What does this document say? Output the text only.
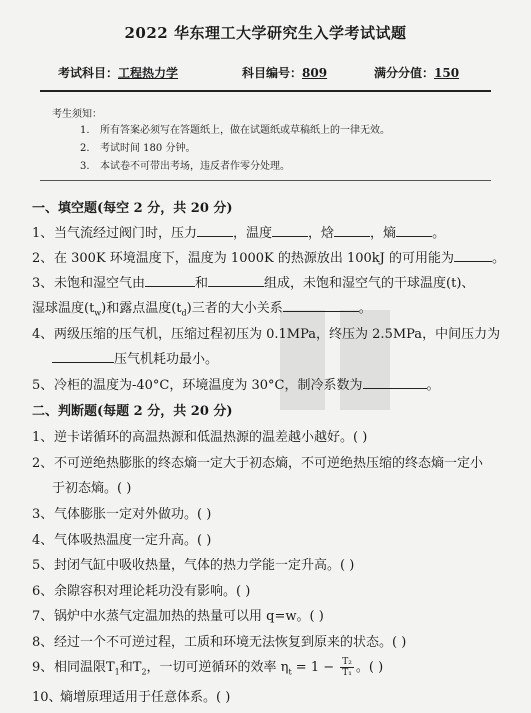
2022 华东理工大学研究生入学考试试题
考试科目：工程热力学	科目编号：809	满分分值：150
考生须知：
1. 所有答案必须写在答题纸上，做在试题纸或草稿纸上的一律无效。
2. 考试时间 180 分钟。
3. 本试卷不可带出考场，违反者作零分处理。
一、填空题(每空 2 分，共 20 分)
1、当气流经过阀门时，压力	，温度	，焓	，熵	。
2、在 300K 环境温度下，温度为 1000K 的热源放出 100kJ 的可用能为	。
3、未饱和湿空气由	和	组成，未饱和湿空气的干球温度(t)、
湿球温度$(t_w)$和露点温度$(t_d)$三者的大小关系	。
4、两级压缩的压气机，压缩过程初压为 0.1MPa，终压为 2.5MPa，中间压力为
压气机耗功最小。
5、冷柜的温度为-40°C，环境温度为 30°C，制冷系数为	。
二、判断题(每题 2 分，共 20 分)
1、逆卡诺循环的高温热源和低温热源的温差越小越好。( )
2、不可逆绝热膨胀的终态熵一定大于初态熵，不可逆绝热压缩的终态熵一定小
于初态熵。( )
3、气体膨胀一定对外做功。( )
4、气体吸热温度一定升高。( )
5、封闭气缸中吸收热量，气体的热力学能一定升高。( )
6、余隙容积对理论耗功没有影响。( )
7、锅炉中水蒸气定温加热的热量可以用 q=w。( )
8、经过一个不可逆过程，工质和环境无法恢复到原来的状态。( )
9、相同温限$T_1$和$T_2$，一切可逆循环的效率 $\eta_t = 1 - \frac{\text{T₂}}{\text{T₁}}$ 。( )
10、熵增原理适用于任意体系。( )
